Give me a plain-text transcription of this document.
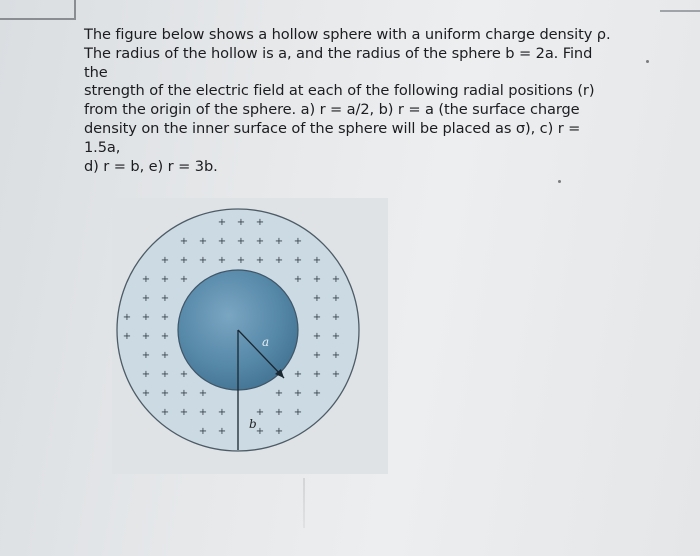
The figure below shows a hollow sphere with a uniform charge density ρ.
The radius of the hollow is a, and the radius of the sphere b = 2a. Find the
strength of the electric field at each of the following radial positions (r)
from the origin of the sphere. a) r = a/2, b) r = a (the surface charge
density on the inner surface of the sphere will be placed as σ), c) r = 1.5a,
d) r = b, e) r = 3b.

+ + +
+ + + + + + +
+ + + + + + + + +
+ + +	+ + +
+ +	+ +
+ + +	+ +
+ + +	+ +
+ +	+ +
+ + +	+ + +
+ + + +	+ + +
+ + + +	+ + +
+ +	+ +
a
b
